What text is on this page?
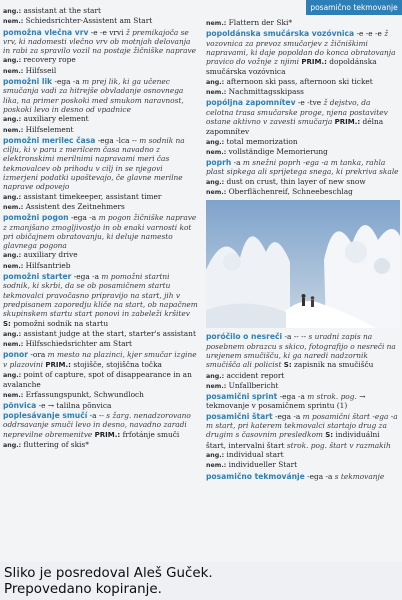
posamično tekmovanje
ang.: assistant at the start
nem.: Schiedsrichter-Assistent am Start
pomožna vlečna vrv -e -e vrvi ž premikajoča se vrv, ki nadomesti vlečno vrv ob motnjah delovanja in rabi za spravilo vozil na postaje žičniške naprave
ang.: recovery rope
nem.: Hilfsseil
pomožni lik -ega -a m prej lik, ki ga učenec smučanja vadi za hitrejše obvladanje osnovnega lika, na primer poskoki med smukom naravnost, poskoki levo in desno od vpadnice
ang.: auxiliary element
nem.: Hilfselement
pomožni merilec časa -ega -lca -- m sodnik na cilju, ki v paru z merilcem časa navadno z elektronskimi merilnimi napravami meri čas tekmovalcev ob prihodu v cilj in se njegovi izmerjeni podatki upoštevajo, če glavne merilne naprave odpovejo
ang.: assistant timekeeper, assistant timer
nem.: Assistent des Zeitnehmers
pomožni pogon -ega -a m pogon žičniške naprave z zmanjšano zmogljivostjo in ob enaki varnosti kot pri običajnem obratovanju, ki deluje namesto glavnega pogona
ang.: auxiliary drive
nem.: Hilfsantrieb
pomožni starter -ega -a m pomožni startni sodnik, ki skrbi, da se ob posamičnem startu tekmovalci pravočasno pripravijo na start, jih v predpisanem zaporedju kliče na start, ob napačnem skupinskem startu start ponovi in zabeleži kršitev S: pomožni sodnik na startu
ang.: assistant judge at the start, starter's assistant
nem.: Hilfsschiedsrichter am Start
ponor -ora m mesto na plazinci, kjer smučar izgine v plazovini PRIM.: stojišče, stojiščna točka
ang.: point of capture, spot of disappearance in an avalanche
nem.: Erfassungspunkt, Schwundloch
põnvica -e → talilna põnvica
poplesávanje smučí -a -- s žarg. nenadzorovano oddrsavanje smuči levo in desno, navadno zaradi neprevilne obremenitve PRIM.: frfotánje smuči
ang.: fluttering of skis*
nem.: Flattern der Ski*
popoldánska smučárska vozóvnica -e -e -e ž vozovnica za prevoz smučarjev z žičniškimi napravami, ki daje popoldan do konca obratovanja pravico do vožnje z njimi PRIM.: dopoldánska smučárska vozóvnica
ang.: afternoon ski pass, afternoon ski ticket
nem.: Nachmittagsskipass
popóljna zapomnítev -e -tve ž dejstvo, da celotna trasa smučarske proge, njena postavitev ostane aktivno v zavesti smučarja PRIM.: délna zapomnítev
ang.: total memorization
nem.: vollständige Memorierung
poprh -a m snežni poprh -ega -a m tanka, rahla plast sipkega ali sprijetega snega, ki prekriva skale
ang.: dust on crust, thin layer of new snow
nem.: Oberflächenreif, Schneebeschlag
poróčilo o nesreči -a -- -- s uradni zapis na posebnem obrazcu s skico, fotografijo o nesreči na urejenem smučišču, ki ga naredi nadzornik smučišča ali policist S: zapisnik na smučišču
ang.: accident report
nem.: Unfallbericht
posamični sprint -ega -a m strok. pog. → tekmovanje v posamičnem sprintu (1)
posamični štart -ega -a m posamični štart -ega -a m start, pri katerem tekmovalci startajo drug za drugim s časovnim presledkom S: individuálni štart, intervalni štart strok. pog. štart v razmakih
ang.: individual start
nem.: individueller Start
posamično tekmovánje -ega -a s tekmovanje
Sliko je posredoval Aleš Guček.
Prepovedano kopiranje.
